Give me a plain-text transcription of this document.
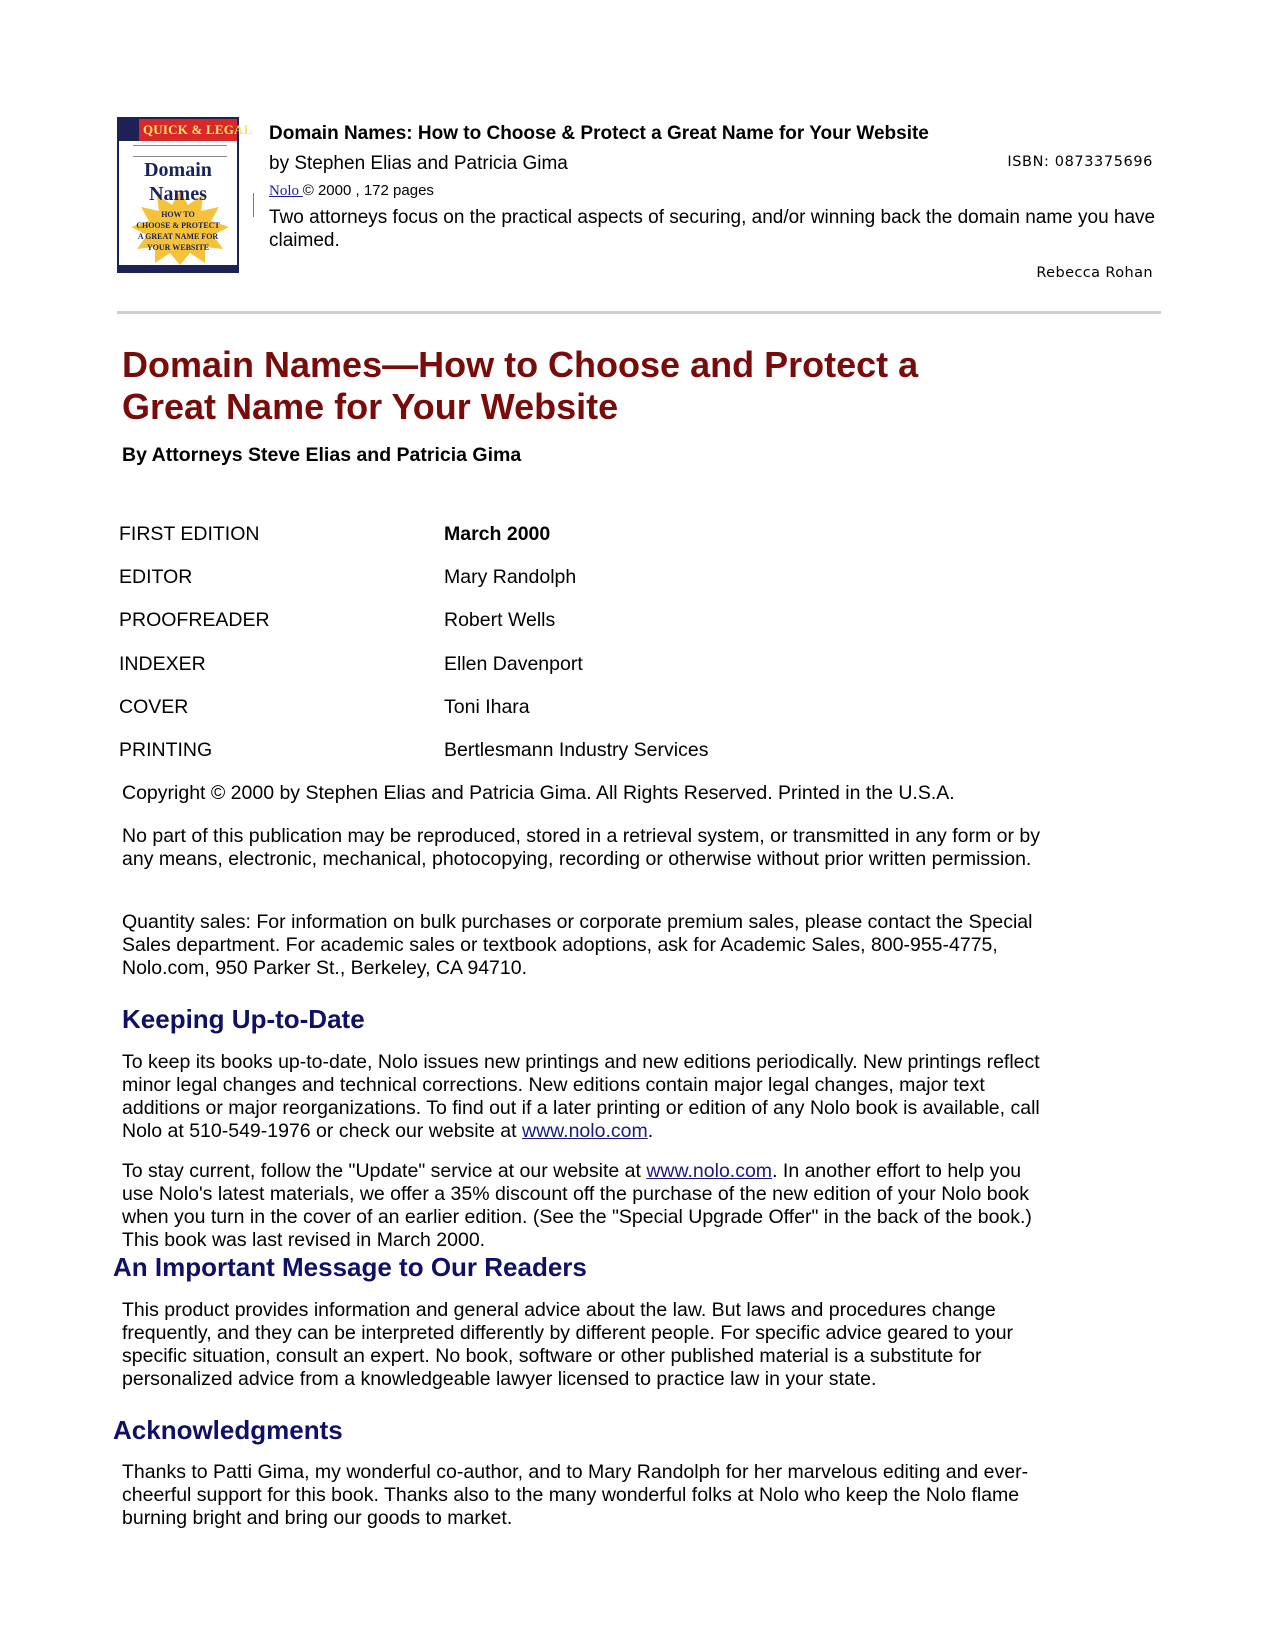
QUICK & LEGAL
Domain
Names
HOW TO
CHOOSE & PROTECT
A GREAT NAME FOR
YOUR WEBSITE
Domain Names: How to Choose & Protect a Great Name for Your Website
by Stephen Elias and Patricia Gima	ISBN: 0873375696
Nolo © 2000 , 172 pages
Two attorneys focus on the practical aspects of securing, and/or winning back the domain name you have claimed.
Rebecca Rohan
Domain Names—How to Choose and Protect a
Great Name for Your Website
By Attorneys Steve Elias and Patricia Gima
FIRST EDITION	March 2000
EDITOR	Mary Randolph
PROOFREADER	Robert Wells
INDEXER	Ellen Davenport
COVER	Toni Ihara
PRINTING	Bertlesmann Industry Services
Copyright © 2000 by Stephen Elias and Patricia Gima. All Rights Reserved. Printed in the U.S.A.
No part of this publication may be reproduced, stored in a retrieval system, or transmitted in any form or by any means, electronic, mechanical, photocopying, recording or otherwise without prior written permission.
Quantity sales: For information on bulk purchases or corporate premium sales, please contact the Special Sales department. For academic sales or textbook adoptions, ask for Academic Sales, 800-955-4775, Nolo.com, 950 Parker St., Berkeley, CA 94710.
Keeping Up-to-Date
To keep its books up-to-date, Nolo issues new printings and new editions periodically. New printings reflect minor legal changes and technical corrections. New editions contain major legal changes, major text additions or major reorganizations. To find out if a later printing or edition of any Nolo book is available, call Nolo at 510-549-1976 or check our website at www.nolo.com.
To stay current, follow the "Update" service at our website at www.nolo.com. In another effort to help you use Nolo's latest materials, we offer a 35% discount off the purchase of the new edition of your Nolo book when you turn in the cover of an earlier edition. (See the "Special Upgrade Offer" in the back of the book.) This book was last revised in March 2000.
An Important Message to Our Readers
This product provides information and general advice about the law. But laws and procedures change frequently, and they can be interpreted differently by different people. For specific advice geared to your specific situation, consult an expert. No book, software or other published material is a substitute for personalized advice from a knowledgeable lawyer licensed to practice law in your state.
Acknowledgments
Thanks to Patti Gima, my wonderful co-author, and to Mary Randolph for her marvelous editing and ever-cheerful support for this book. Thanks also to the many wonderful folks at Nolo who keep the Nolo flame burning bright and bring our goods to market.
